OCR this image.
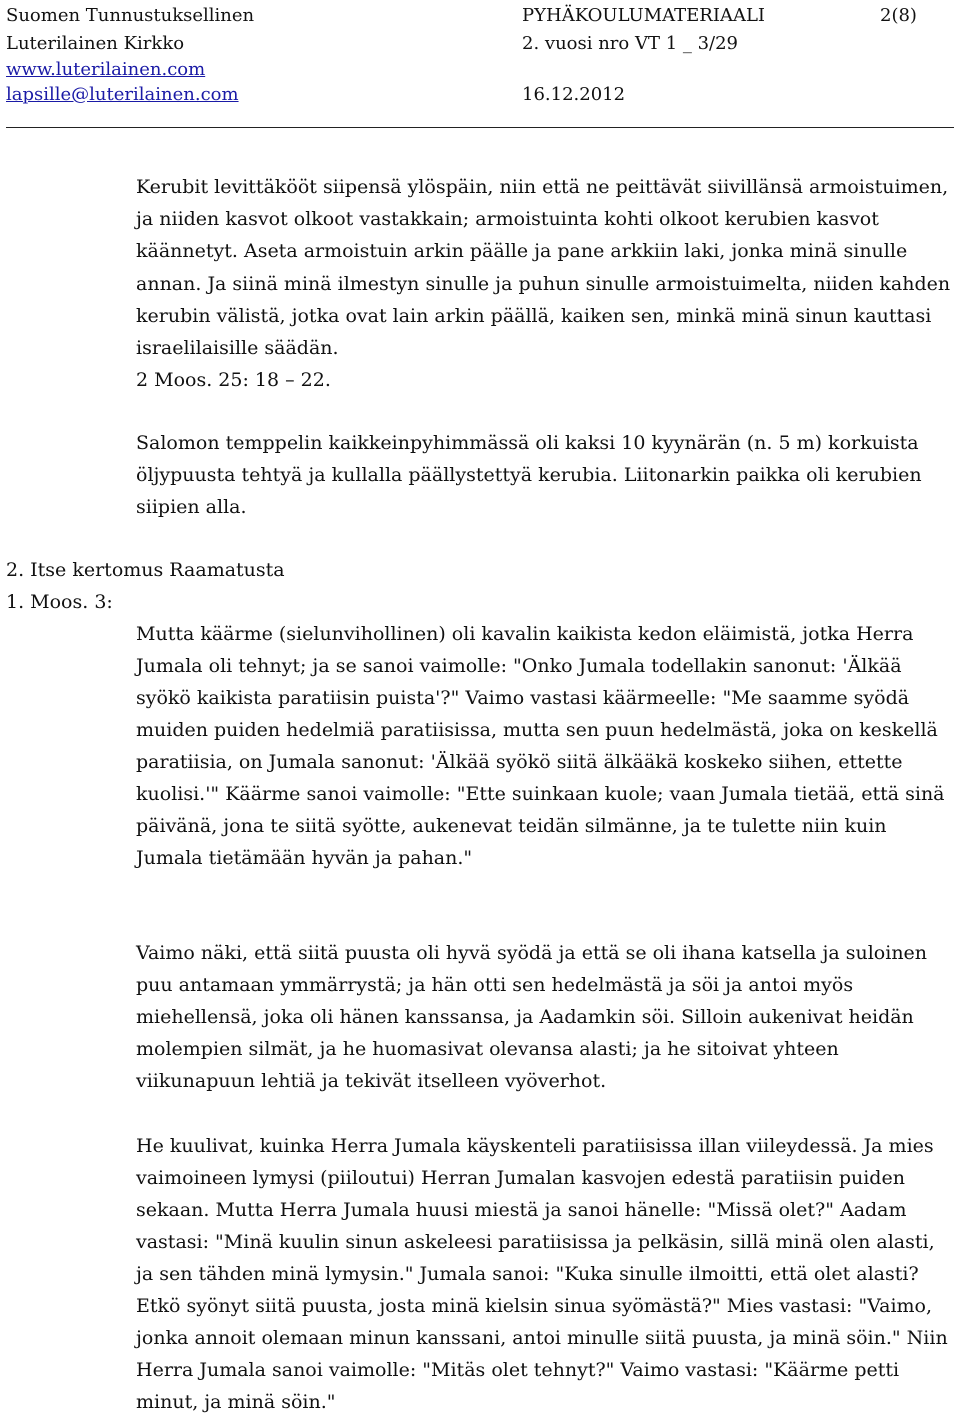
Suomen Tunnustuksellinen
Luterilainen Kirkko
www.luterilainen.com
lapsille@luterilainen.com
PYHÄKOULUMATERIAALI
2. vuosi nro VT 1 _ 3/29
16.12.2012
2(8)

Kerubit levittäkööt siipensä ylöspäin, niin että ne peittävät siivillänsä armoistuimen, ja niiden kasvot olkoot vastakkain; armoistuinta kohti olkoot kerubien kasvot käännetyt. Aseta armoistuin arkin päälle ja pane arkkiin laki, jonka minä sinulle annan. Ja siinä minä ilmestyn sinulle ja puhun sinulle armoistuimelta, niiden kahden kerubin välistä, jotka ovat lain arkin päällä, kaiken sen, minkä minä sinun kauttasi israelilaisille säädän.

2 Moos. 25: 18 – 22.

Salomon temppelin kaikkeinpyhimmässä oli kaksi 10 kyynärän (n. 5 m) korkuista öljypuusta tehtyä ja kullalla päällystettyä kerubia. Liitonarkin paikka oli kerubien siipien alla.

2. Itse kertomus Raamatusta
1. Moos. 3:

Mutta käärme (sielunvihollinen) oli kavalin kaikista kedon eläimistä, jotka Herra Jumala oli tehnyt; ja se sanoi vaimolle: "Onko Jumala todellakin sanonut: 'Älkää syökö kaikista paratiisin puista'?" Vaimo vastasi käärmeelle: "Me saamme syödä muiden puiden hedelmiä paratiisissa, mutta sen puun hedelmästä, joka on keskellä paratiisia, on Jumala sanonut: 'Älkää syökö siitä älkääkä koskeko siihen, ettette kuolisi.'" Käärme sanoi vaimolle: "Ette suinkaan kuole; vaan Jumala tietää, että sinä päivänä, jona te siitä syötte, aukenevat teidän silmänne, ja te tulette niin kuin Jumala tietämään hyvän ja pahan."

Vaimo näki, että siitä puusta oli hyvä syödä ja että se oli ihana katsella ja suloinen puu antamaan ymmärrystä; ja hän otti sen hedelmästä ja söi ja antoi myös miehellensä, joka oli hänen kanssansa, ja Aadamkin söi. Silloin aukenivat heidän molempien silmät, ja he huomasivat olevansa alasti; ja he sitoivat yhteen viikunapuun lehtiä ja tekivät itselleen vyöverhot.

He kuulivat, kuinka Herra Jumala käyskenteli paratiisissa illan viileydessä. Ja mies vaimoineen lymysi (piiloutui) Herran Jumalan kasvojen edestä paratiisin puiden sekaan. Mutta Herra Jumala huusi miestä ja sanoi hänelle: "Missä olet?" Aadam vastasi: "Minä kuulin sinun askeleesi paratiisissa ja pelkäsin, sillä minä olen alasti, ja sen tähden minä lymysin." Jumala sanoi: "Kuka sinulle ilmoitti, että olet alasti? Etkö syönyt siitä puusta, josta minä kielsin sinua syömästä?" Mies vastasi: "Vaimo, jonka annoit olemaan minun kanssani, antoi minulle siitä puusta, ja minä söin." Niin Herra Jumala sanoi vaimolle: "Mitäs olet tehnyt?" Vaimo vastasi: "Käärme petti minut, ja minä söin."
